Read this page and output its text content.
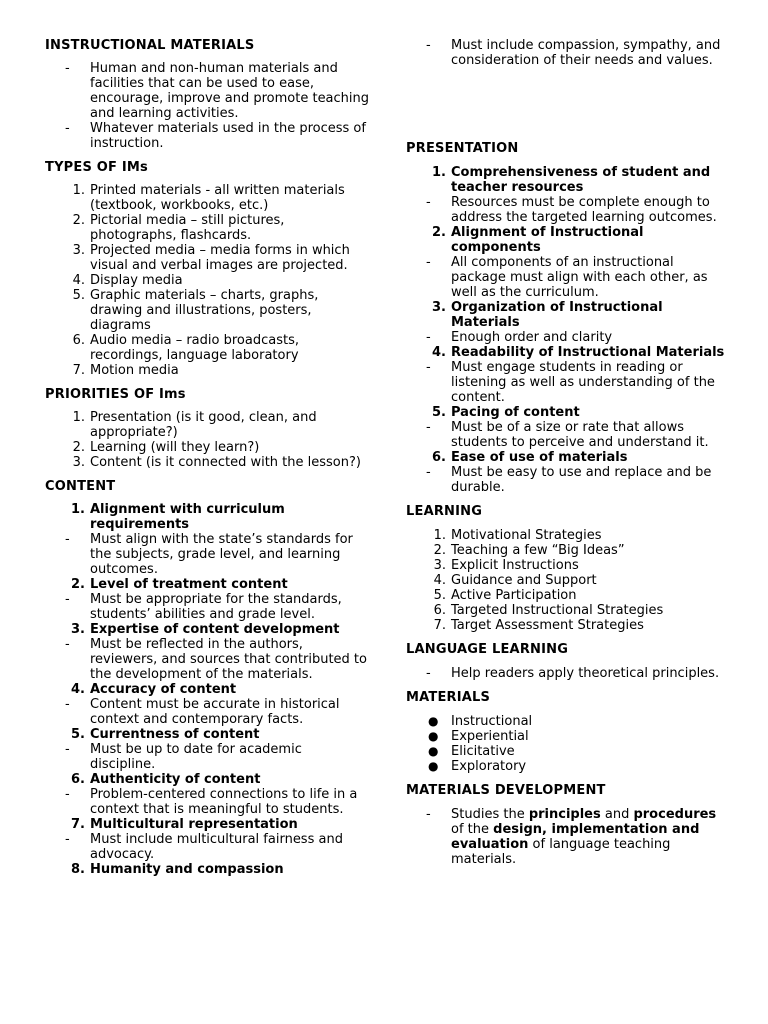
INSTRUCTIONAL MATERIALS
-	Human and non-human materials and facilities that can be used to ease, encourage, improve and promote teaching and learning activities.
-	Whatever materials used in the process of instruction.
TYPES OF IMs
1. Printed materials - all written materials (textbook, workbooks, etc.)
2. Pictorial media – still pictures, photographs, flashcards.
3. Projected media – media forms in which visual and verbal images are projected.
4. Display media
5. Graphic materials – charts, graphs, drawing and illustrations, posters, diagrams
6. Audio media – radio broadcasts, recordings, language laboratory
7. Motion media
PRIORITIES OF Ims
1. Presentation (is it good, clean, and appropriate?)
2. Learning (will they learn?)
3. Content (is it connected with the lesson?)
CONTENT
1. Alignment with curriculum requirements
-	Must align with the state’s standards for the subjects, grade level, and learning outcomes.
2. Level of treatment content
-	Must be appropriate for the standards, students’ abilities and grade level.
3. Expertise of content development
-	Must be reflected in the authors, reviewers, and sources that contributed to the development of the materials.
4. Accuracy of content
-	Content must be accurate in historical context and contemporary facts.
5. Currentness of content
-	Must be up to date for academic discipline.
6. Authenticity of content
-	Problem-centered connections to life in a context that is meaningful to students.
7. Multicultural representation
-	Must include multicultural fairness and advocacy.
8. Humanity and compassion
-	Must include compassion, sympathy, and consideration of their needs and values.
PRESENTATION
1. Comprehensiveness of student and teacher resources
-	Resources must be complete enough to address the targeted learning outcomes.
2. Alignment of Instructional components
-	All components of an instructional package must align with each other, as well as the curriculum.
3. Organization of Instructional Materials
-	Enough order and clarity
4. Readability of Instructional Materials
-	Must engage students in reading or listening as well as understanding of the content.
5. Pacing of content
-	Must be of a size or rate that allows students to perceive and understand it.
6. Ease of use of materials
-	Must be easy to use and replace and be durable.
LEARNING
1. Motivational Strategies
2. Teaching a few “Big Ideas”
3. Explicit Instructions
4. Guidance and Support
5. Active Participation
6. Targeted Instructional Strategies
7. Target Assessment Strategies
LANGUAGE LEARNING
-	Help readers apply theoretical principles.
MATERIALS
● Instructional
● Experiential
● Elicitative
● Exploratory
MATERIALS DEVELOPMENT
-	Studies the principles and procedures of the design, implementation and evaluation of language teaching materials.
